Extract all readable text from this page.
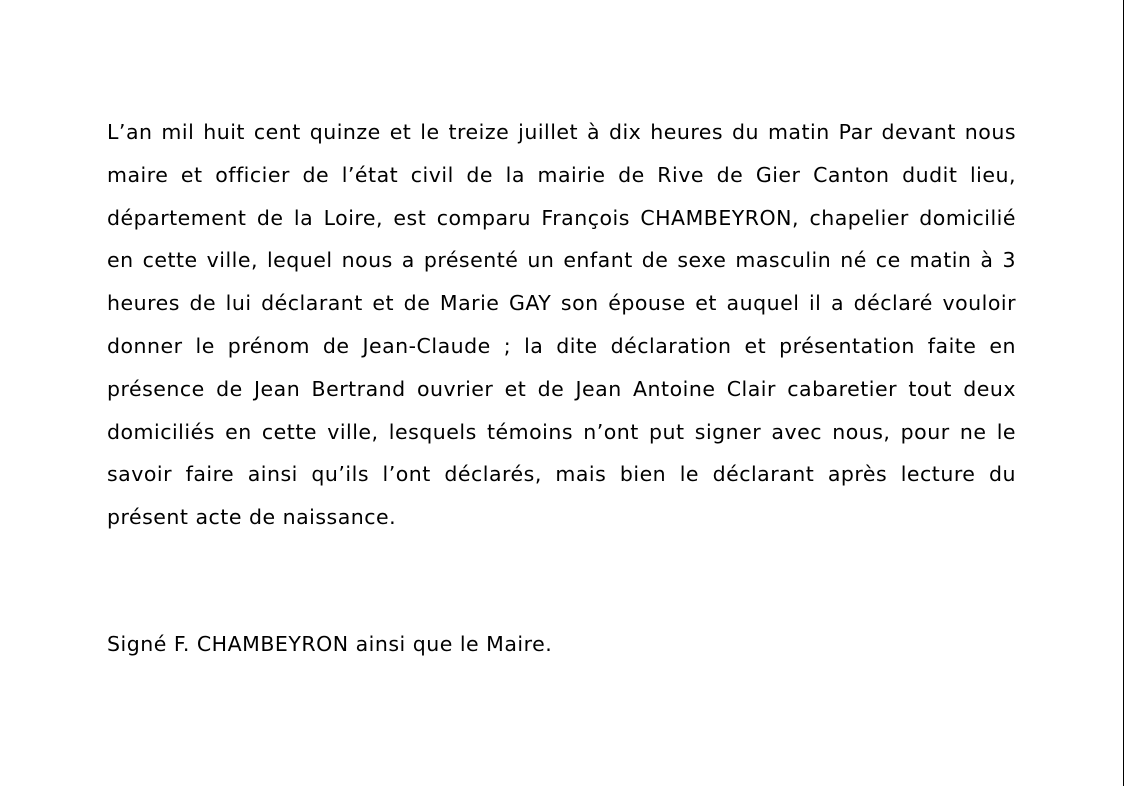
L’an mil huit cent quinze et le treize juillet à dix heures du matin Par devant nous maire et officier de l’état civil de la mairie de Rive de Gier Canton dudit lieu, département de la Loire, est comparu François CHAMBEYRON, chapelier domicilié en cette ville, lequel nous a présenté un enfant de sexe masculin né ce matin à 3 heures de lui déclarant et de Marie GAY son épouse et auquel il a déclaré vouloir donner le prénom de Jean-Claude ; la dite déclaration et présentation faite en présence de Jean Bertrand ouvrier et de Jean Antoine Clair cabaretier tout deux domiciliés en cette ville, lesquels témoins n’ont put signer avec nous, pour ne le savoir faire ainsi qu’ils l’ont déclarés, mais bien le déclarant après lecture du présent acte de naissance.

Signé F. CHAMBEYRON ainsi que le Maire.
